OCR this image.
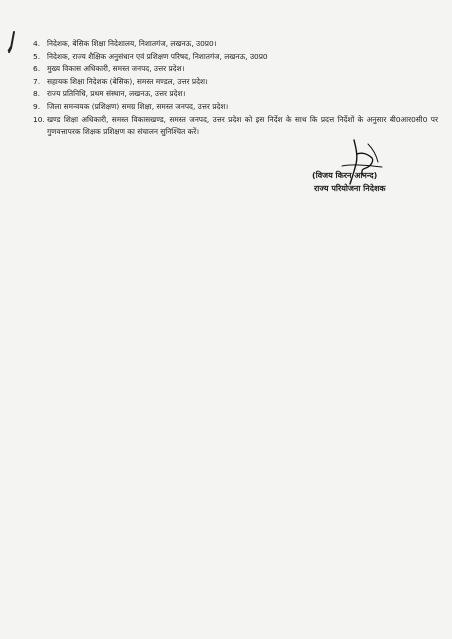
4. निदेशक, बेसिक शिक्षा निदेशालय, निशातगंज, लखनऊ, उ0प्र0।
5. निदेशक, राज्य शैक्षिक अनुसंधान एवं प्रशिक्षण परिषद, निशातगंज, लखनऊ, उ0प्र0
6. मुख्य विकास अधिकारी, समस्त जनपद, उत्तर प्रदेश।
7. सहायक शिक्षा निदेशक (बेसिक), समस्त मण्डल, उत्तर प्रदेश।
8. राज्य प्रतिनिधि, प्रथम संस्थान, लखनऊ, उत्तर प्रदेश।
9. जिला समन्वयक (प्रशिक्षण) समग्र शिक्षा, समस्त जनपद, उत्तर प्रदेश।
10. खण्ड शिक्षा अधिकारी, समस्त विकासखण्ड, समस्त जनपद, उत्तर प्रदेश को इस निर्देश के साथ कि प्रदत्त निर्देशों के अनुसार बी0आर0सी0 पर गुणवत्तापरक शिक्षक प्रशिक्षण का संचालन सुनिश्चित करें।
(विजय किरन आनन्द)
राज्य परियोजना निदेशक
